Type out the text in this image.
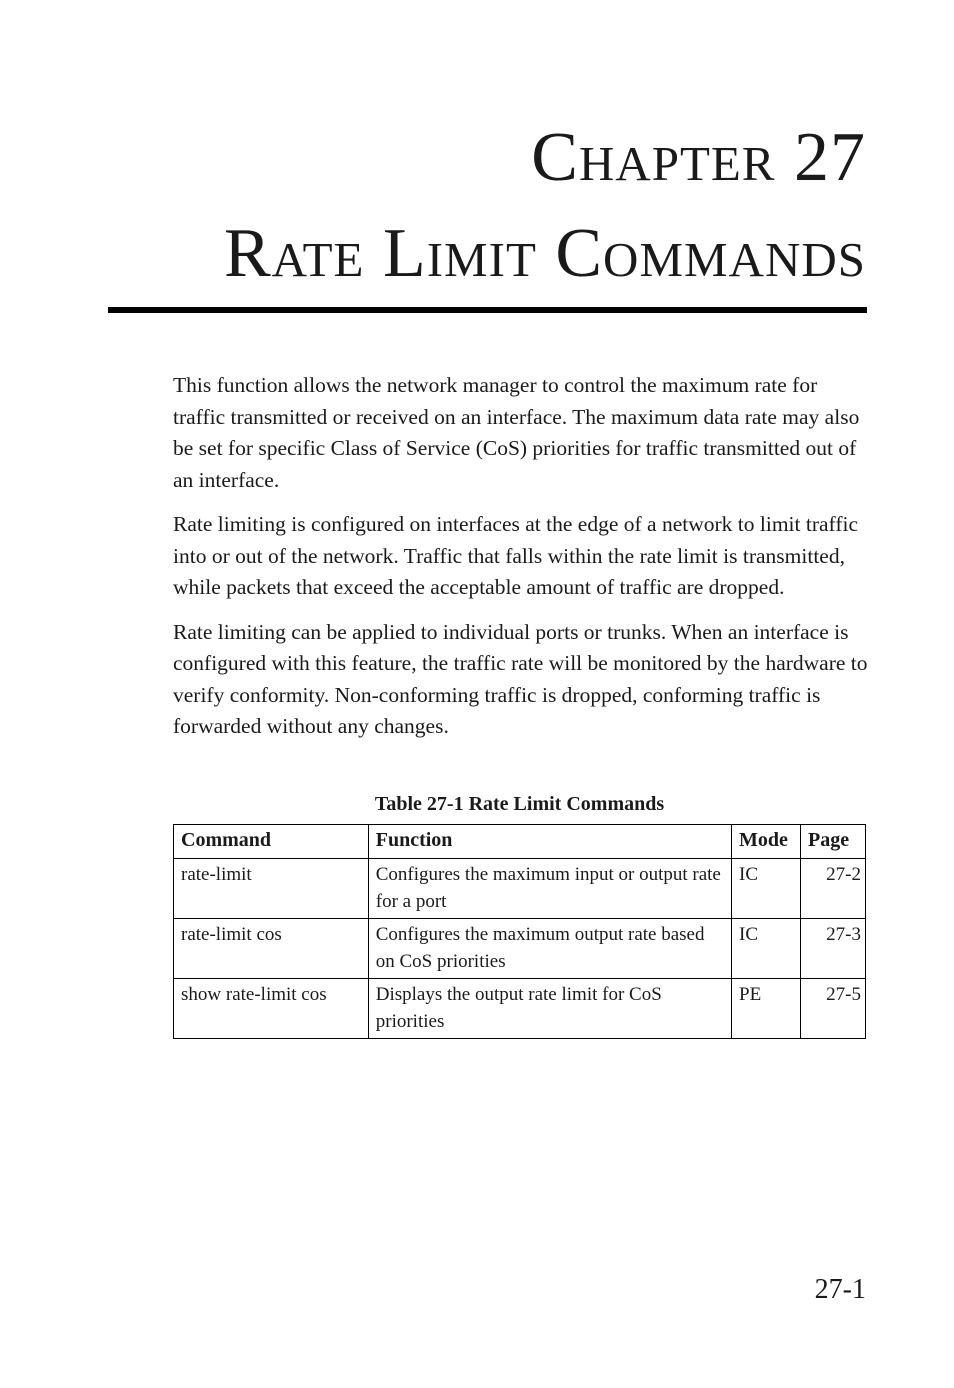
Chapter 27
Rate Limit Commands

This function allows the network manager to control the maximum rate for traffic transmitted or received on an interface. The maximum data rate may also be set for specific Class of Service (CoS) priorities for traffic transmitted out of an interface.

Rate limiting is configured on interfaces at the edge of a network to limit traffic into or out of the network. Traffic that falls within the rate limit is transmitted, while packets that exceed the acceptable amount of traffic are dropped.

Rate limiting can be applied to individual ports or trunks. When an interface is configured with this feature, the traffic rate will be monitored by the hardware to verify conformity. Non-conforming traffic is dropped, conforming traffic is forwarded without any changes.

Table 27-1 Rate Limit Commands
Command	Function	Mode	Page
rate-limit	Configures the maximum input or output rate for a port	IC	27-2
rate-limit cos	Configures the maximum output rate based on CoS priorities	IC	27-3
show rate-limit cos	Displays the output rate limit for CoS priorities	PE	27-5
27-1
